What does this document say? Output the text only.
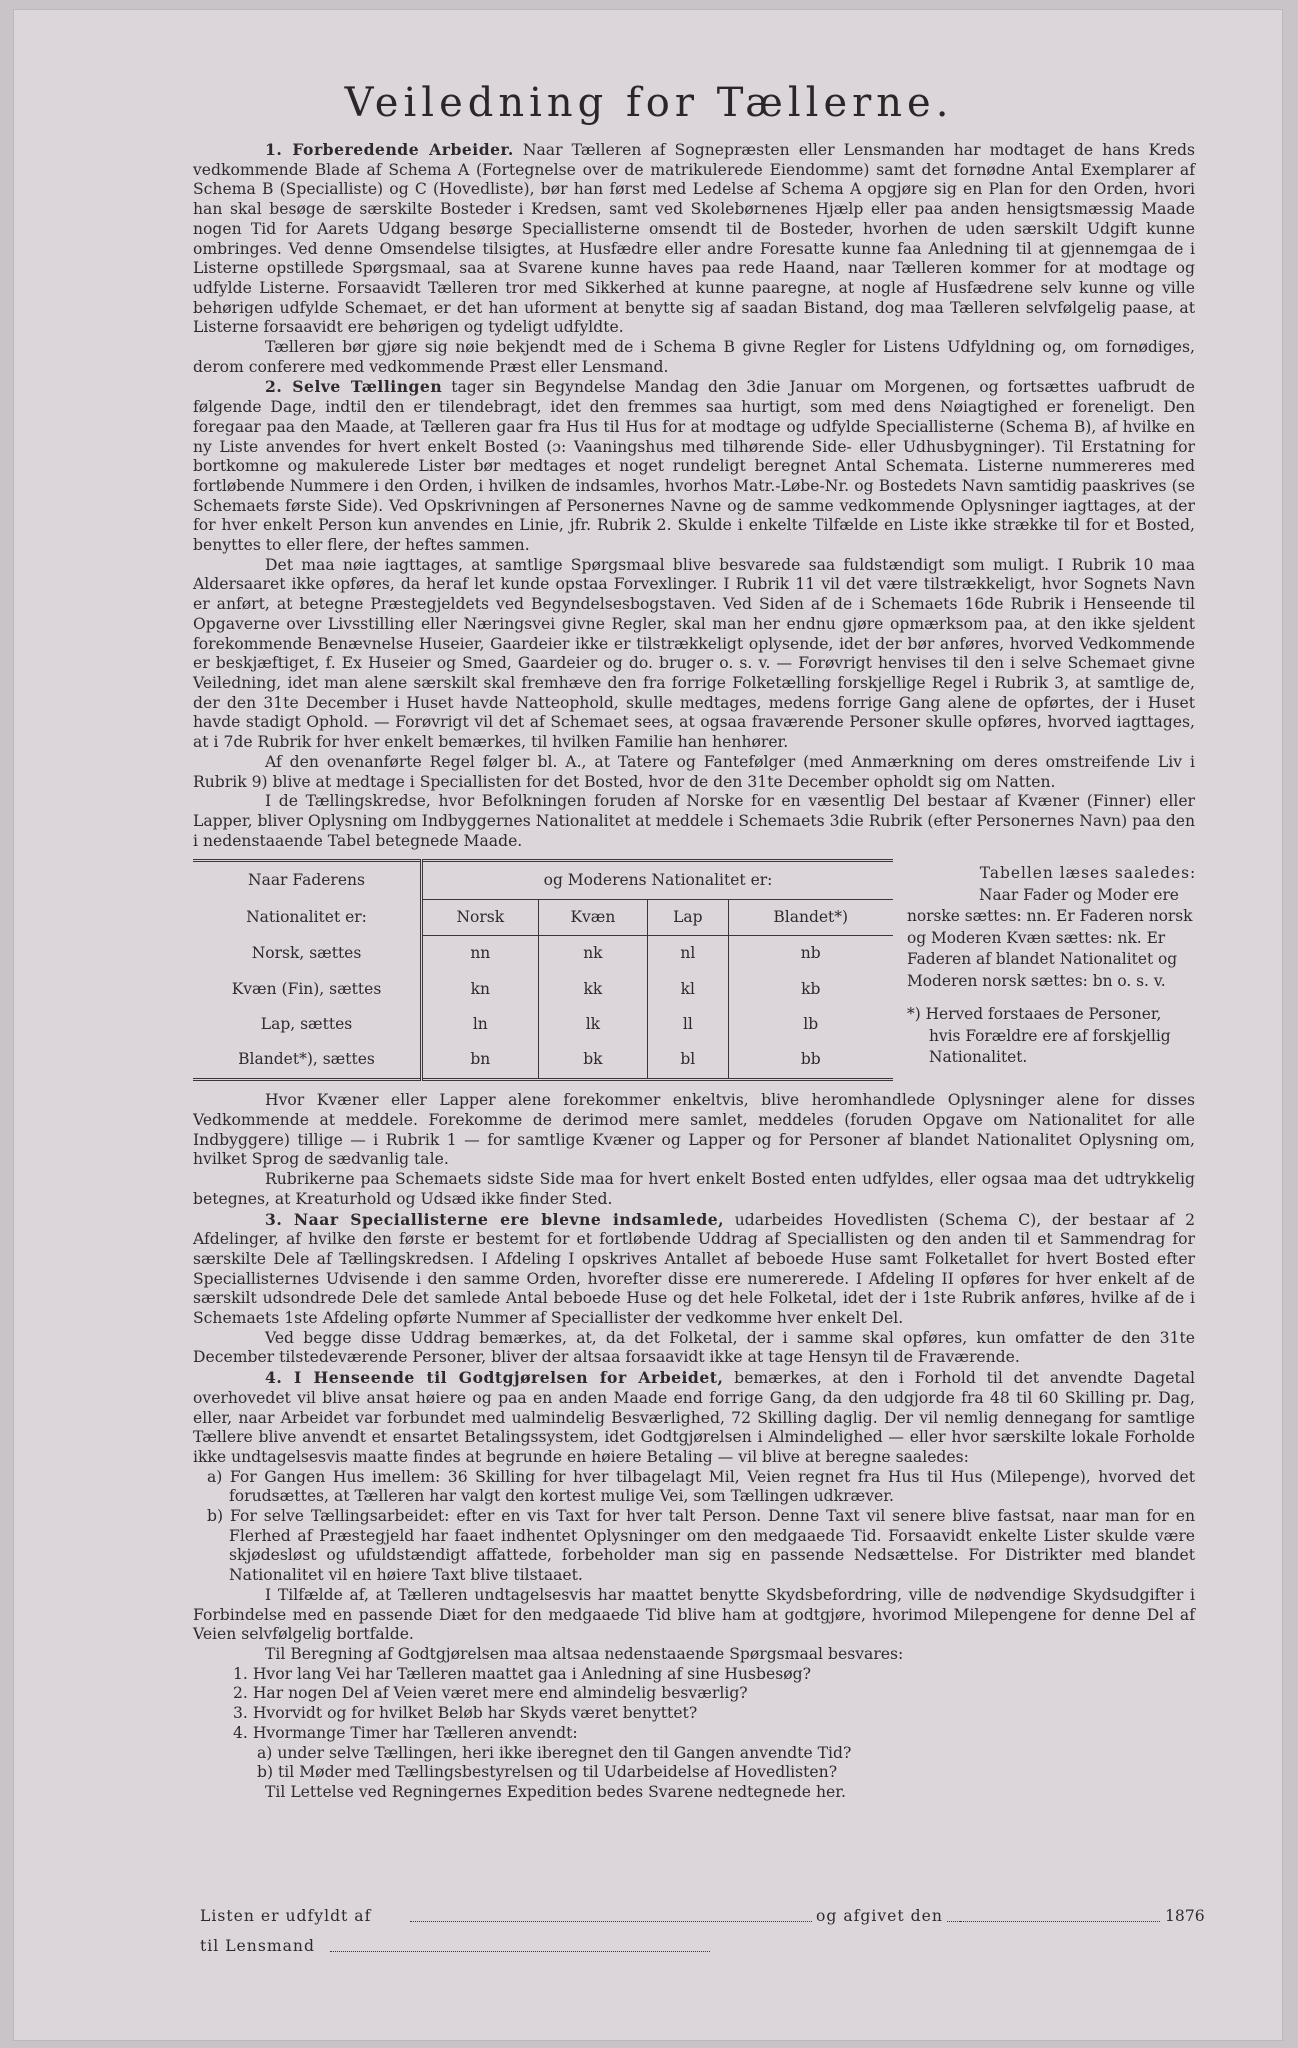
Veiledning for Tællerne.

1. Forberedende Arbeider. Naar Tælleren af Sognepræsten eller Lensmanden har modtaget de hans Kreds vedkommende Blade af Schema A (Fortegnelse over de matrikulerede Eiendomme) samt det fornødne Antal Exemplarer af Schema B (Specialliste) og C (Hovedliste), bør han først med Ledelse af Schema A opgjøre sig en Plan for den Orden, hvori han skal besøge de særskilte Bosteder i Kredsen, samt ved Skolebørnenes Hjælp eller paa anden hensigtsmæssig Maade nogen Tid for Aarets Udgang besørge Speciallisterne omsendt til de Bosteder, hvorhen de uden særskilt Udgift kunne ombringes. Ved denne Omsendelse tilsigtes, at Husfædre eller andre Foresatte kunne faa Anledning til at gjennemgaa de i Listerne opstillede Spørgsmaal, saa at Svarene kunne haves paa rede Haand, naar Tælleren kommer for at modtage og udfylde Listerne. Forsaavidt Tælleren tror med Sikkerhed at kunne paaregne, at nogle af Husfædrene selv kunne og ville behørigen udfylde Schemaet, er det han uforment at benytte sig af saadan Bistand, dog maa Tælleren selvfølgelig paase, at Listerne forsaavidt ere behørigen og tydeligt udfyldte.

Tælleren bør gjøre sig nøie bekjendt med de i Schema B givne Regler for Listens Udfyldning og, om fornødiges, derom conferere med vedkommende Præst eller Lensmand.

2. Selve Tællingen tager sin Begyndelse Mandag den 3die Januar om Morgenen, og fortsættes uafbrudt de følgende Dage, indtil den er tilendebragt, idet den fremmes saa hurtigt, som med dens Nøiagtighed er foreneligt. Den foregaar paa den Maade, at Tælleren gaar fra Hus til Hus for at modtage og udfylde Speciallisterne (Schema B), af hvilke en ny Liste anvendes for hvert enkelt Bosted (ɔ: Vaaningshus med tilhørende Side- eller Udhusbygninger). Til Erstatning for bortkomne og makulerede Lister bør medtages et noget rundeligt beregnet Antal Schemata. Listerne nummereres med fortløbende Nummere i den Orden, i hvilken de indsamles, hvorhos Matr.-Løbe-Nr. og Bostedets Navn samtidig paaskrives (se Schemaets første Side). Ved Opskrivningen af Personernes Navne og de samme vedkommende Oplysninger iagttages, at der for hver enkelt Person kun anvendes en Linie, jfr. Rubrik 2. Skulde i enkelte Tilfælde en Liste ikke strække til for et Bosted, benyttes to eller flere, der heftes sammen.

Det maa nøie iagttages, at samtlige Spørgsmaal blive besvarede saa fuldstændigt som muligt. I Rubrik 10 maa Aldersaaret ikke opføres, da heraf let kunde opstaa Forvexlinger. I Rubrik 11 vil det være tilstrækkeligt, hvor Sognets Navn er anført, at betegne Præstegjeldets ved Begyndelsesbogstaven. Ved Siden af de i Schemaets 16de Rubrik i Henseende til Opgaverne over Livsstilling eller Næringsvei givne Regler, skal man her endnu gjøre opmærksom paa, at den ikke sjeldent forekommende Benævnelse Huseier, Gaardeier ikke er tilstrækkeligt oplysende, idet der bør anføres, hvorved Vedkommende er beskjæftiget, f. Ex Huseier og Smed, Gaardeier og do. bruger o. s. v. — Forøvrigt henvises til den i selve Schemaet givne Veiledning, idet man alene særskilt skal fremhæve den fra forrige Folketælling forskjellige Regel i Rubrik 3, at samtlige de, der den 31te December i Huset havde Natteophold, skulle medtages, medens forrige Gang alene de opførtes, der i Huset havde stadigt Ophold. — Forøvrigt vil det af Schemaet sees, at ogsaa fraværende Personer skulle opføres, hvorved iagttages, at i 7de Rubrik for hver enkelt bemærkes, til hvilken Familie han henhører.

Af den ovenanførte Regel følger bl. A., at Tatere og Fantefølger (med Anmærkning om deres omstreifende Liv i Rubrik 9) blive at medtage i Speciallisten for det Bosted, hvor de den 31te December opholdt sig om Natten.

I de Tællingskredse, hvor Befolkningen foruden af Norske for en væsentlig Del bestaar af Kvæner (Finner) eller Lapper, bliver Oplysning om Indbyggernes Nationalitet at meddele i Schemaets 3die Rubrik (efter Personernes Navn) paa den i nedenstaaende Tabel betegnede Maade.

Naar Faderens	og Moderens Nationalitet er:			
Nationalitet er:	Norsk	Kvæn	Lap	Blandet*)
Norsk, sættes	nn	nk	nl	nb
Kvæn (Fin), sættes	kn	kk	kl	kb
Lap, sættes	ln	lk	ll	lb
Blandet*), sættes	bn	bk	bl	bb

Tabellen læses saaledes:

Naar Fader og Moder ere norske sættes: nn. Er Faderen norsk og Moderen Kvæn sættes: nk. Er Faderen af blandet Nationalitet og Moderen norsk sættes: bn o. s. v.

*) Herved forstaaes de Personer, hvis Forældre ere af forskjellig Nationalitet.

Hvor Kvæner eller Lapper alene forekommer enkeltvis, blive heromhandlede Oplysninger alene for disses Vedkommende at meddele. Forekomme de derimod mere samlet, meddeles (foruden Opgave om Nationalitet for alle Indbyggere) tillige — i Rubrik 1 — for samtlige Kvæner og Lapper og for Personer af blandet Nationalitet Oplysning om, hvilket Sprog de sædvanlig tale.

Rubrikerne paa Schemaets sidste Side maa for hvert enkelt Bosted enten udfyldes, eller ogsaa maa det udtrykkelig betegnes, at Kreaturhold og Udsæd ikke finder Sted.

3. Naar Speciallisterne ere blevne indsamlede, udarbeides Hovedlisten (Schema C), der bestaar af 2 Afdelinger, af hvilke den første er bestemt for et fortløbende Uddrag af Speciallisten og den anden til et Sammendrag for særskilte Dele af Tællingskredsen. I Afdeling I opskrives Antallet af beboede Huse samt Folketallet for hvert Bosted efter Speciallisternes Udvisende i den samme Orden, hvorefter disse ere numererede. I Afdeling II opføres for hver enkelt af de særskilt udsondrede Dele det samlede Antal beboede Huse og det hele Folketal, idet der i 1ste Rubrik anføres, hvilke af de i Schemaets 1ste Afdeling opførte Nummer af Speciallister der vedkomme hver enkelt Del.

Ved begge disse Uddrag bemærkes, at, da det Folketal, der i samme skal opføres, kun omfatter de den 31te December tilstedeværende Personer, bliver der altsaa forsaavidt ikke at tage Hensyn til de Fraværende.

4. I Henseende til Godtgjørelsen for Arbeidet, bemærkes, at den i Forhold til det anvendte Dagetal overhovedet vil blive ansat høiere og paa en anden Maade end forrige Gang, da den udgjorde fra 48 til 60 Skilling pr. Dag, eller, naar Arbeidet var forbundet med ualmindelig Besværlighed, 72 Skilling daglig. Der vil nemlig dennegang for samtlige Tællere blive anvendt et ensartet Betalingssystem, idet Godtgjørelsen i Almindelighed — eller hvor særskilte lokale Forholde ikke undtagelsesvis maatte findes at begrunde en høiere Betaling — vil blive at beregne saaledes:

a) For Gangen Hus imellem: 36 Skilling for hver tilbagelagt Mil, Veien regnet fra Hus til Hus (Milepenge), hvorved det forudsættes, at Tælleren har valgt den kortest mulige Vei, som Tællingen udkræver.

b) For selve Tællingsarbeidet: efter en vis Taxt for hver talt Person. Denne Taxt vil senere blive fastsat, naar man for en Flerhed af Præstegjeld har faaet indhentet Oplysninger om den medgaaede Tid. Forsaavidt enkelte Lister skulde være skjødesløst og ufuldstændigt affattede, forbeholder man sig en passende Nedsættelse. For Distrikter med blandet Nationalitet vil en høiere Taxt blive tilstaaet.

I Tilfælde af, at Tælleren undtagelsesvis har maattet benytte Skydsbefordring, ville de nødvendige Skydsudgifter i Forbindelse med en passende Diæt for den medgaaede Tid blive ham at godtgjøre, hvorimod Milepengene for denne Del af Veien selvfølgelig bortfalde.

Til Beregning af Godtgjørelsen maa altsaa nedenstaaende Spørgsmaal besvares:

1. Hvor lang Vei har Tælleren maattet gaa i Anledning af sine Husbesøg?

2. Har nogen Del af Veien været mere end almindelig besværlig?

3. Hvorvidt og for hvilket Beløb har Skyds været benyttet?

4. Hvormange Timer har Tælleren anvendt:

a) under selve Tællingen, heri ikke iberegnet den til Gangen anvendte Tid?

b) til Møder med Tællingsbestyrelsen og til Udarbeidelse af Hovedlisten?

Til Lettelse ved Regningernes Expedition bedes Svarene nedtegnede her.

Listen er udfyldt af	og afgivet den	1876
til Lensmand
